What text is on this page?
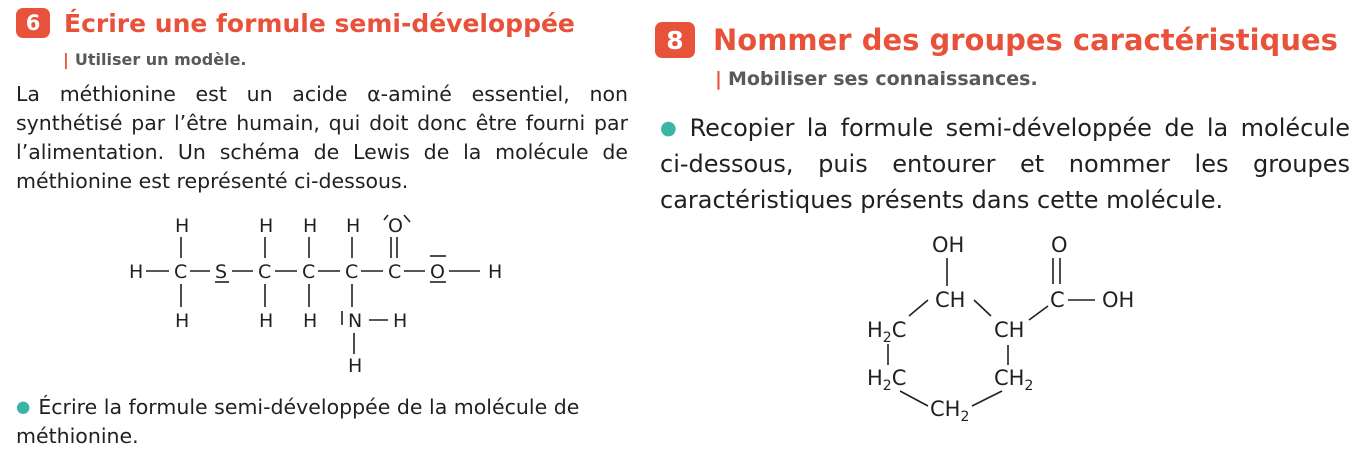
6 Écrire une formule semi-développée
| Utiliser un modèle.
La méthionine est un acide α-aminé essentiel, non synthétisé par l’être humain, qui doit donc être fourni par l’alimentation. Un schéma de Lewis de la molécule de méthionine est représenté ci-dessous.
H	H H H O
H C S C C C C O H
H	H H N H
H
● Écrire la formule semi-développée de la molécule de méthionine.
8	Nommer des groupes caractéristiques
| Mobiliser ses connaissances.
● Recopier la formule semi-développée de la molécule ci-dessous, puis entourer et nommer les groupes caractéristiques présents dans cette molécule.
OH	O
CH	C OH
$H_2C$	CH
$H_2C$	$CH_2$
$CH_2$
